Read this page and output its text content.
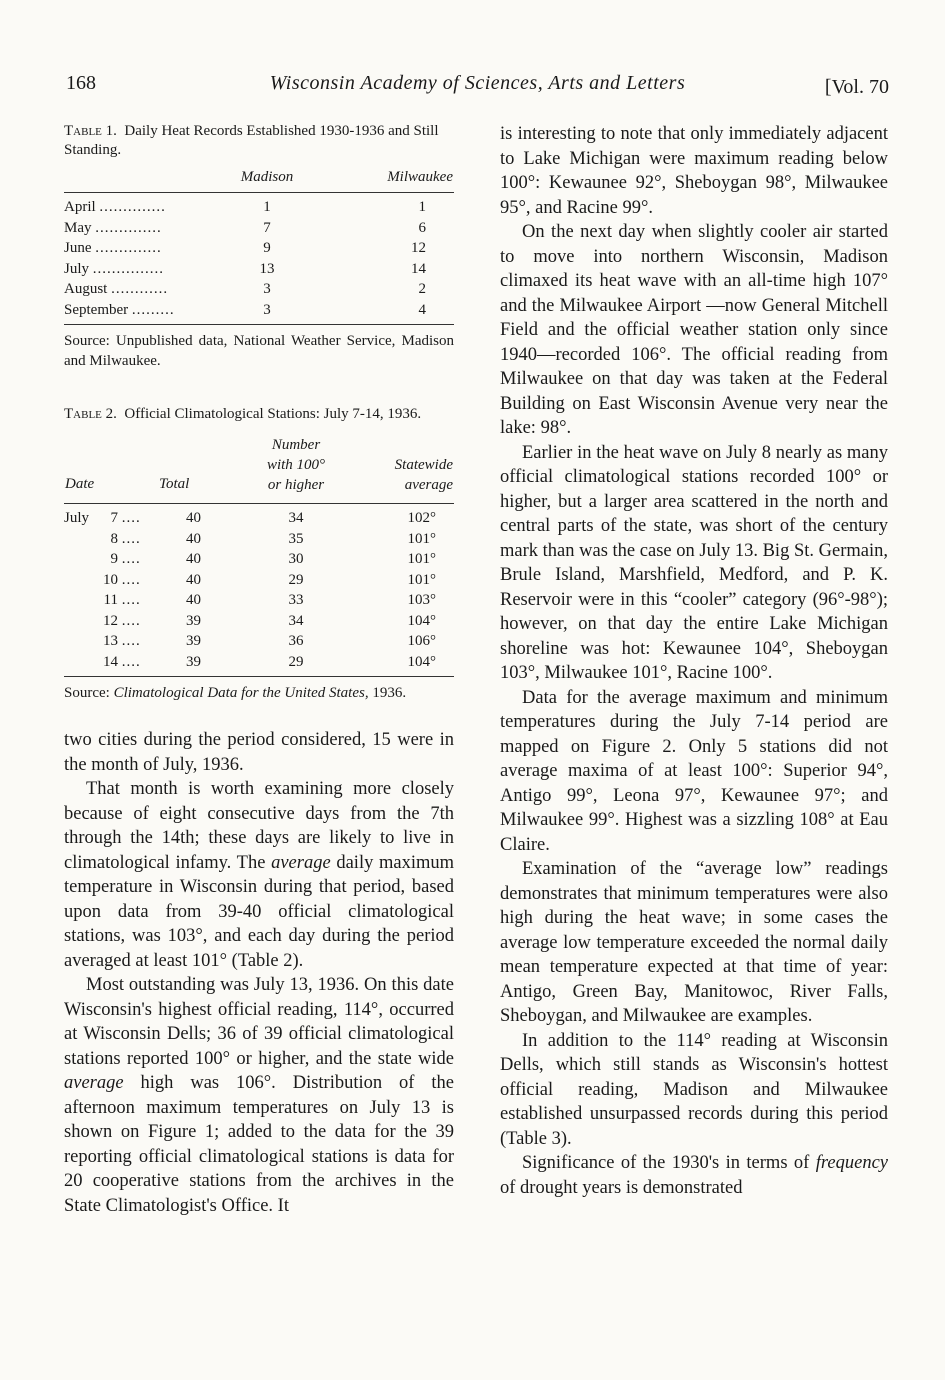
168	Wisconsin Academy of Sciences, Arts and Letters	[Vol. 70

Table 1. Daily Heat Records Established 1930-1936 and Still Standing.

	Madison	Milwaukee
April ..............	1	1
May ..............	7	6
June ..............	9	12
July ...............	13	14
August ............	3	2
September .........	3	4

Source: Unpublished data, National Weather Service, Madison and Milwaukee.

Table 2. Official Climatological Stations: July 7-14, 1936.

Date	Total	Number
with 100°
or higher	Statewide
average
July 7 ....	40	34	102°
8 ....	40	35	101°
9 ....	40	30	101°
10 ....	40	29	101°
11 ....	40	33	103°
12 ....	39	34	104°
13 ....	39	36	106°
14 ....	39	29	104°

Source: Climatological Data for the United States, 1936.

two cities during the period considered, 15 were in the month of July, 1936.
That month is worth examining more closely because of eight consecutive days from the 7th through the 14th; these days are likely to live in climatological infamy. The average daily maximum temperature in Wisconsin during that period, based upon data from 39-40 official climatological stations, was 103°, and each day during the period averaged at least 101° (Table 2).
Most outstanding was July 13, 1936. On this date Wisconsin's highest official reading, 114°, occurred at Wisconsin Dells; 36 of 39 official climatological stations reported 100° or higher, and the state wide average high was 106°. Distribution of the afternoon maximum temperatures on July 13 is shown on Figure 1; added to the data for the 39 reporting official climatological stations is data for 20 cooperative stations from the archives in the State Climatologist's Office. It
is interesting to note that only immediately adjacent to Lake Michigan were maximum reading below 100°: Kewaunee 92°, Sheboygan 98°, Milwaukee 95°, and Racine 99°.
On the next day when slightly cooler air started to move into northern Wisconsin, Madison climaxed its heat wave with an all-time high 107° and the Milwaukee Airport —now General Mitchell Field and the official weather station only since 1940—recorded 106°. The official reading from Milwaukee on that day was taken at the Federal Building on East Wisconsin Avenue very near the lake: 98°.
Earlier in the heat wave on July 8 nearly as many official climatological stations recorded 100° or higher, but a larger area scattered in the north and central parts of the state, was short of the century mark than was the case on July 13. Big St. Germain, Brule Island, Marshfield, Medford, and P. K. Reservoir were in this “cooler” category (96°-98°); however, on that day the entire Lake Michigan shoreline was hot: Kewaunee 104°, Sheboygan 103°, Milwaukee 101°, Racine 100°.
Data for the average maximum and minimum temperatures during the July 7-14 period are mapped on Figure 2. Only 5 stations did not average maxima of at least 100°: Superior 94°, Antigo 99°, Leona 97°, Kewaunee 97°; and Milwaukee 99°. Highest was a sizzling 108° at Eau Claire.
Examination of the “average low” readings demonstrates that minimum temperatures were also high during the heat wave; in some cases the average low temperature exceeded the normal daily mean temperature expected at that time of year: Antigo, Green Bay, Manitowoc, River Falls, Sheboygan, and Milwaukee are examples.
In addition to the 114° reading at Wisconsin Dells, which still stands as Wisconsin's hottest official reading, Madison and Milwaukee established unsurpassed records during this period (Table 3).
Significance of the 1930's in terms of frequency of drought years is demonstrated
